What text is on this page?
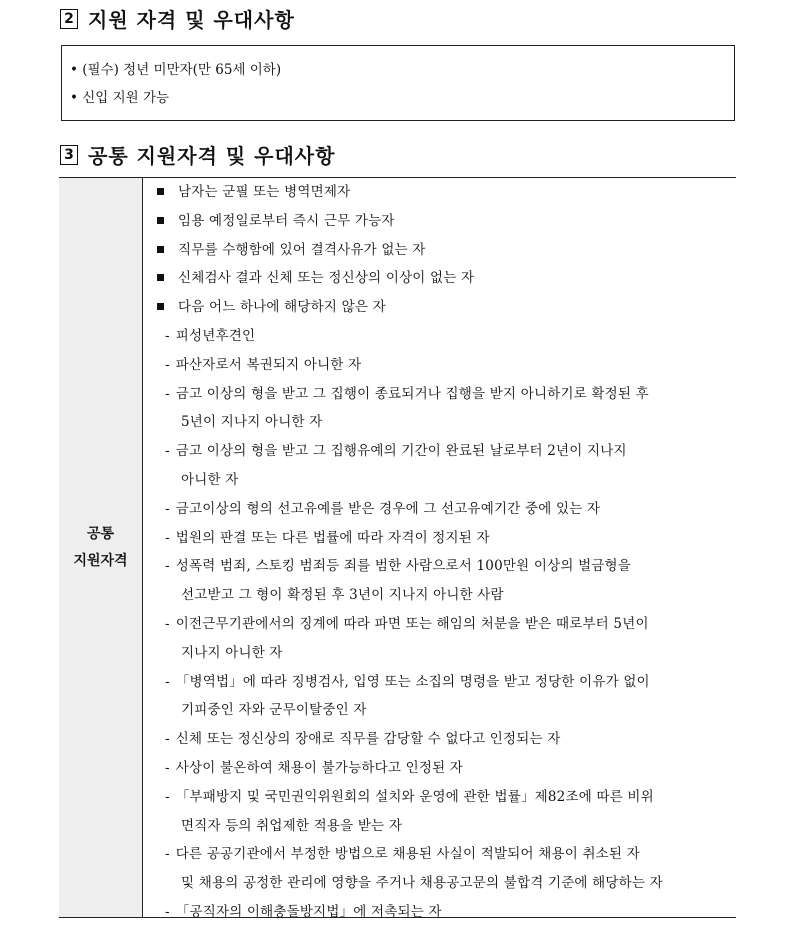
2 지원 자격 및 우대사항
• (필수) 정년 미만자(만 65세 이하)
• 신입 지원 가능
3 공통 지원자격 및 우대사항
공통
지원자격
남자는 군필 또는 병역면제자
임용 예정일로부터 즉시 근무 가능자
직무를 수행함에 있어 결격사유가 없는 자
신체검사 결과 신체 또는 정신상의 이상이 없는 자
다음 어느 하나에 해당하지 않은 자
- 피성년후견인
- 파산자로서 복권되지 아니한 자
- 금고 이상의 형을 받고 그 집행이 종료되거나 집행을 받지 아니하기로 확정된 후
5년이 지나지 아니한 자
- 금고 이상의 형을 받고 그 집행유예의 기간이 완료된 날로부터 2년이 지나지
아니한 자
- 금고이상의 형의 선고유예를 받은 경우에 그 선고유예기간 중에 있는 자
- 법원의 판결 또는 다른 법률에 따라 자격이 정지된 자
- 성폭력 범죄, 스토킹 범죄등 죄를 범한 사람으로서 100만원 이상의 벌금형을
선고받고 그 형이 확정된 후 3년이 지나지 아니한 사람
- 이전근무기관에서의 징계에 따라 파면 또는 해임의 처분을 받은 때로부터 5년이
지나지 아니한 자
- 「병역법」에 따라 징병검사, 입영 또는 소집의 명령을 받고 정당한 이유가 없이
기피중인 자와 군무이탈중인 자
- 신체 또는 정신상의 장애로 직무를 감당할 수 없다고 인정되는 자
- 사상이 불온하여 채용이 불가능하다고 인정된 자
- 「부패방지 및 국민권익위원회의 설치와 운영에 관한 법률」제82조에 따른 비위
면직자 등의 취업제한 적용을 받는 자
- 다른 공공기관에서 부정한 방법으로 채용된 사실이 적발되어 채용이 취소된 자
및 채용의 공정한 관리에 영향을 주거나 채용공고문의 불합격 기준에 해당하는 자
- 「공직자의 이해충돌방지법」에 저촉되는 자
